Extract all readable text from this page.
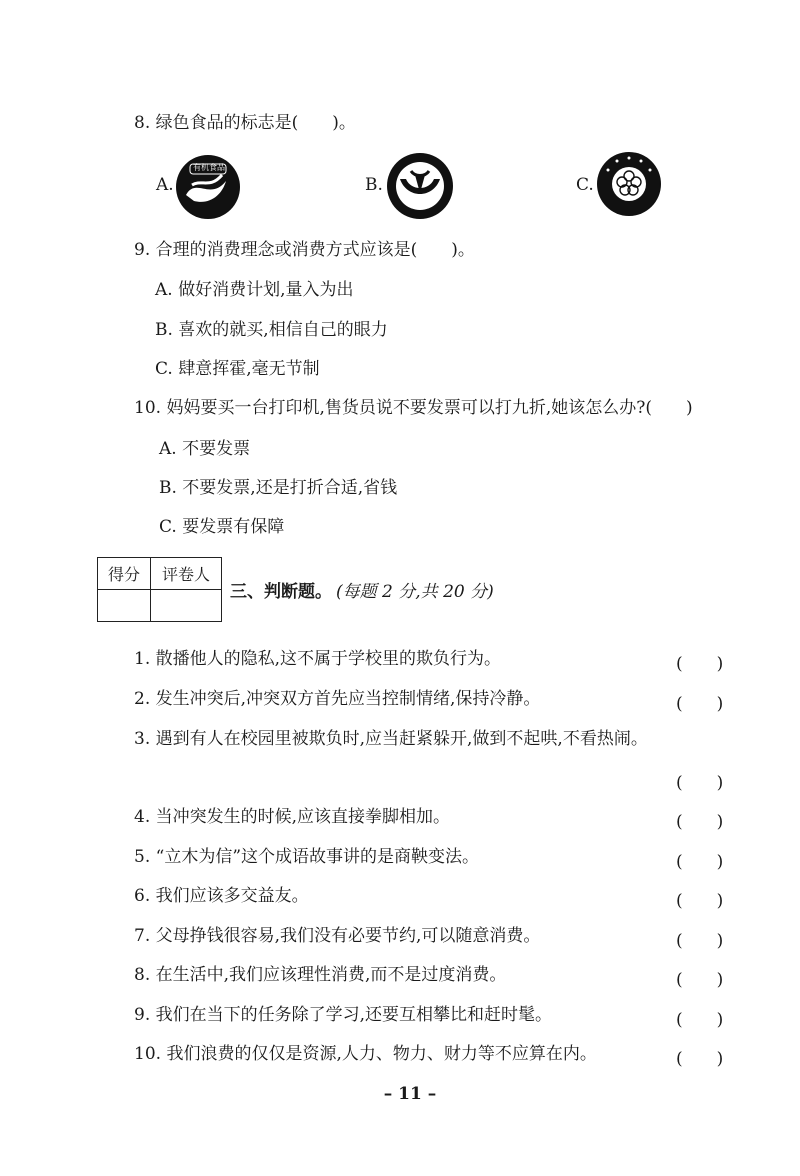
8. 绿色食品的标志是(　　)。
A.
有机食品
B.	C.
9. 合理的消费理念或消费方式应该是(　　)。
A. 做好消费计划,量入为出
B. 喜欢的就买,相信自己的眼力
C. 肆意挥霍,毫无节制
10. 妈妈要买一台打印机,售货员说不要发票可以打九折,她该怎么办?(　　)
A. 不要发票
B. 不要发票,还是打折合适,省钱
C. 要发票有保障
得分	评卷人

三、判断题。 (每题 2 分,共 20 分)
1. 散播他人的隐私,这不属于学校里的欺负行为。	(　　)
2. 发生冲突后,冲突双方首先应当控制情绪,保持冷静。	(　　)
3. 遇到有人在校园里被欺负时,应当赶紧躲开,做到不起哄,不看热闹。
(　　)
4. 当冲突发生的时候,应该直接拳脚相加。	(　　)
5. “立木为信”这个成语故事讲的是商鞅变法。	(　　)
6. 我们应该多交益友。	(　　)
7. 父母挣钱很容易,我们没有必要节约,可以随意消费。	(　　)
8. 在生活中,我们应该理性消费,而不是过度消费。	(　　)
9. 我们在当下的任务除了学习,还要互相攀比和赶时髦。	(　　)
10. 我们浪费的仅仅是资源,人力、物力、财力等不应算在内。	(　　)
– 11 –
